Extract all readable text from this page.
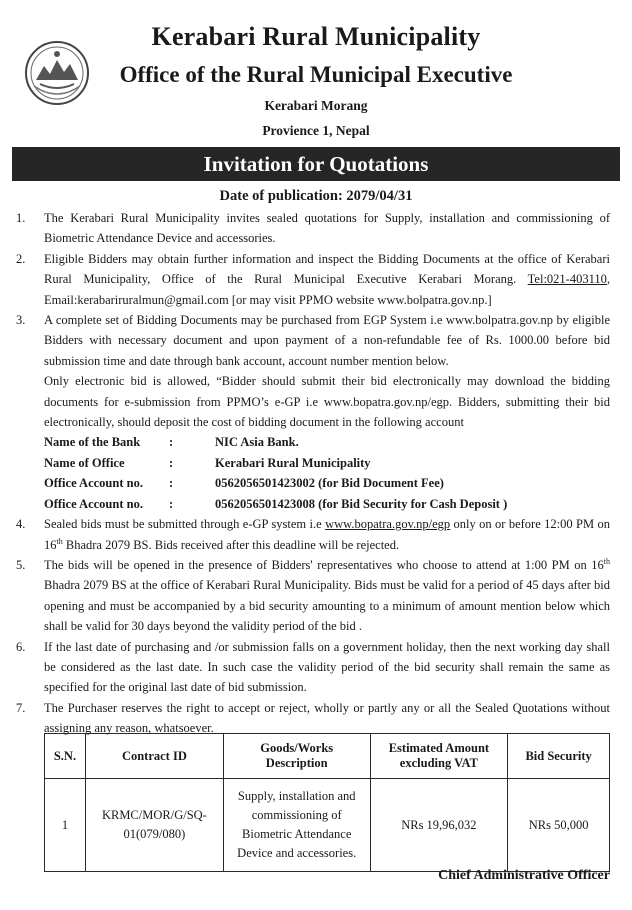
Kerabari Rural Municipality
Office of the Rural Municipal Executive
Kerabari Morang
Provience 1, Nepal
Invitation for Quotations
Date of publication: 2079/04/31
1.	The Kerabari Rural Municipality invites sealed quotations for Supply, installation and commissioning of Biometric Attendance Device and accessories.
2.	Eligible Bidders may obtain further information and inspect the Bidding Documents at the office of Kerabari Rural Municipality, Office of the Rural Municipal Executive Kerabari Morang. Tel:021-403110, Email:kerabariruralmun@gmail.com [or may visit PPMO website www.bolpatra.gov.np.]
3.	A complete set of Bidding Documents may be purchased from EGP System i.e www.bolpatra.gov.np by eligible Bidders with necessary document and upon payment of a non-refundable fee of Rs. 1000.00 before bid submission time and date through bank account, account number mention below.
Only electronic bid is allowed, “Bidder should submit their bid electronically may download the bidding documents for e-submission from PPMO’s e-GP i.e www.bopatra.gov.np/egp. Bidders, submitting their bid electronically, should deposit the cost of bidding document in the following account
Name of the Bank	:	NIC Asia Bank.
Name of Office	:	Kerabari Rural Municipality
Office Account no.	:	0562056501423002 (for Bid Document Fee)
Office Account no.	:	0562056501423008 (for Bid Security for Cash Deposit )
4.	Sealed bids must be submitted through e-GP system i.e www.bopatra.gov.np/egp only on or before 12:00 PM on 16th Bhadra 2079 BS. Bids received after this deadline will be rejected.
5.	The bids will be opened in the presence of Bidders' representatives who choose to attend at 1:00 PM on 16th Bhadra 2079 BS at the office of Kerabari Rural Municipality. Bids must be valid for a period of 45 days after bid opening and must be accompanied by a bid security amounting to a minimum of amount mention below which shall be valid for 30 days beyond the validity period of the bid .
6.	If the last date of purchasing and /or submission falls on a government holiday, then the next working day shall be considered as the last date. In such case the validity period of the bid security shall remain the same as specified for the original last date of bid submission.
7.	The Purchaser reserves the right to accept or reject, wholly or partly any or all the Sealed Quotations without assigning any reason, whatsoever.
S.N.	Contract ID	Goods/Works Description	Estimated Amount excluding VAT	Bid Security
1	KRMC/MOR/G/SQ-01(079/080)	Supply, installation and commissioning of Biometric Attendance Device and accessories.	NRs 19,96,032	NRs 50,000
Chief Administrative Officer
